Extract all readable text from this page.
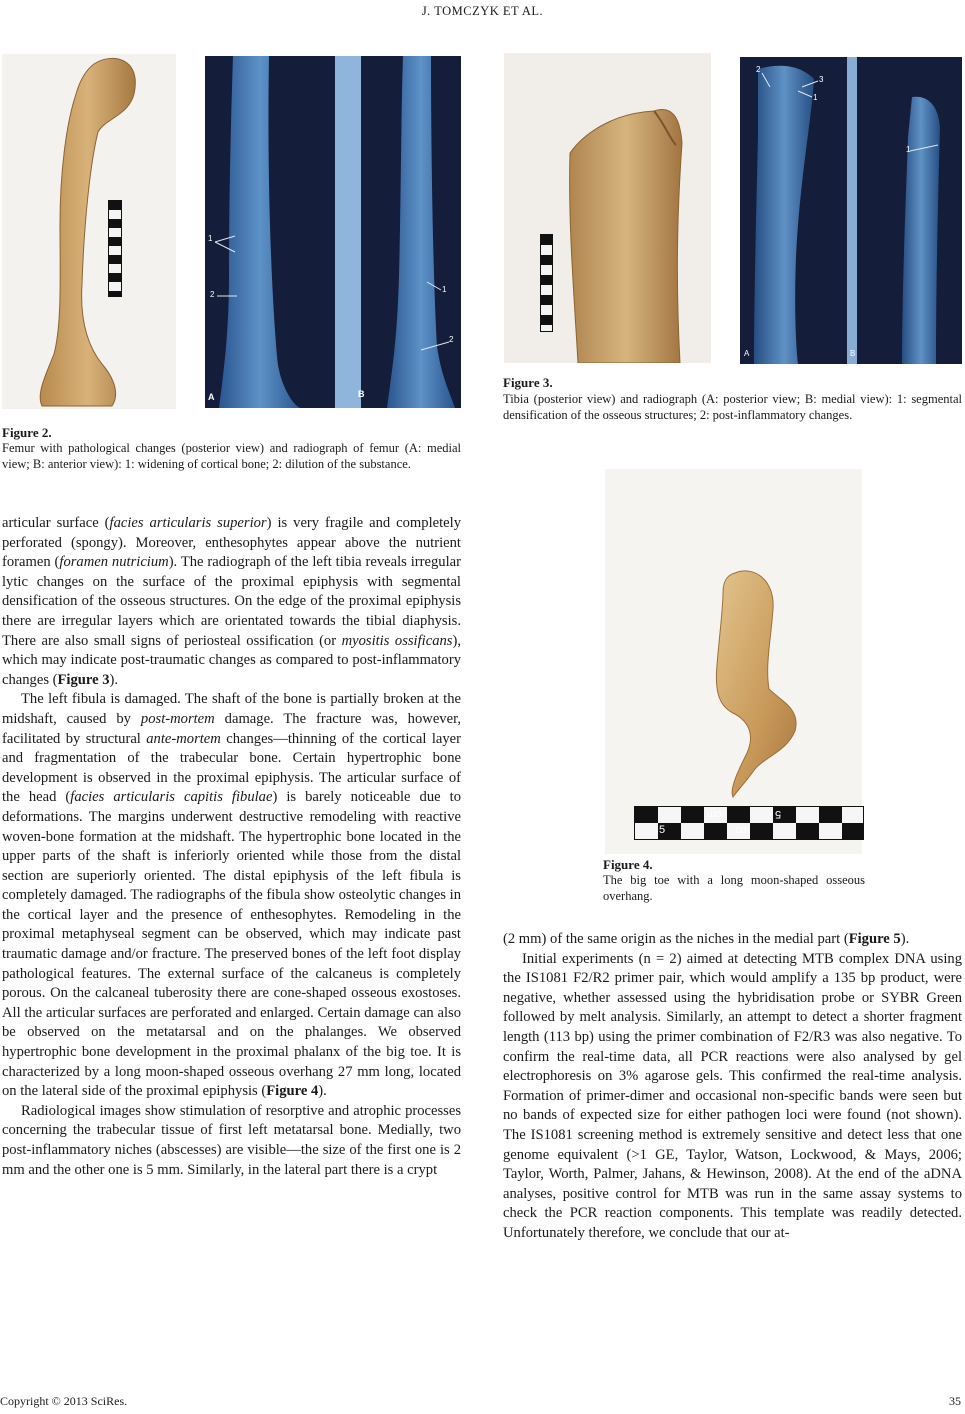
J. TOMCZYK ET AL.
1
2
1
2
A	B
Figure 2.
Femur with pathological changes (posterior view) and radiograph of femur (A: medial view; B: anterior view): 1: widening of cortical bone; 2: dilution of the substance.
2
3
1
1
A	B
Figure 3.
Tibia (posterior view) and radiograph (A: posterior view; B: medial view): 1: segmental densification of the osseous structures; 2: post-inflammatory changes.
cm	5
5	cm
Figure 4.
The big toe with a long moon-shaped osseous overhang.

articular surface (facies articularis superior) is very fragile and completely perforated (spongy). Moreover, enthesophytes appear above the nutrient foramen (foramen nutricium). The radiograph of the left tibia reveals irregular lytic changes on the surface of the proximal epiphysis with segmental densification of the osseous structures. On the edge of the proximal epiphysis there are irregular layers which are orientated towards the tibial diaphysis. There are also small signs of periosteal ossification (or myositis ossificans), which may indicate post-traumatic changes as compared to post-inflammatory changes (Figure 3).

The left fibula is damaged. The shaft of the bone is partially broken at the midshaft, caused by post-mortem damage. The fracture was, however, facilitated by structural ante-mortem changes—thinning of the cortical layer and fragmentation of the trabecular bone. Certain hypertrophic bone development is observed in the proximal epiphysis. The articular surface of the head (facies articularis capitis fibulae) is barely noticeable due to deformations. The margins underwent destructive remodeling with reactive woven-bone formation at the midshaft. The hypertrophic bone located in the upper parts of the shaft is inferiorly oriented while those from the distal section are superiorly oriented. The distal epiphysis of the left fibula is completely damaged. The radiographs of the fibula show osteolytic changes in the cortical layer and the presence of enthesophytes. Remodeling in the proximal metaphyseal segment can be observed, which may indicate past traumatic damage and/or fracture. The preserved bones of the left foot display pathological features. The external surface of the calcaneus is completely porous. On the calcaneal tuberosity there are cone-shaped osseous exostoses. All the articular surfaces are perforated and enlarged. Certain damage can also be observed on the metatarsal and on the phalanges. We observed hypertrophic bone development in the proximal phalanx of the big toe. It is characterized by a long moon-shaped osseous overhang 27 mm long, located on the lateral side of the proximal epiphysis (Figure 4).

Radiological images show stimulation of resorptive and atrophic processes concerning the trabecular tissue of first left metatarsal bone. Medially, two post-inflammatory niches (abscesses) are visible—the size of the first one is 2 mm and the other one is 5 mm. Similarly, in the lateral part there is a crypt

(2 mm) of the same origin as the niches in the medial part (Figure 5).

Initial experiments (n = 2) aimed at detecting MTB complex DNA using the IS1081 F2/R2 primer pair, which would amplify a 135 bp product, were negative, whether assessed using the hybridisation probe or SYBR Green followed by melt analysis. Similarly, an attempt to detect a shorter fragment length (113 bp) using the primer combination of F2/R3 was also negative. To confirm the real-time data, all PCR reactions were also analysed by gel electrophoresis on 3% agarose gels. This confirmed the real-time analysis. Formation of primer-dimer and occasional non-specific bands were seen but no bands of expected size for either pathogen loci were found (not shown). The IS1081 screening method is extremely sensitive and detect less that one genome equivalent (>1 GE, Taylor, Watson, Lockwood, & Mays, 2006; Taylor, Worth, Palmer, Jahans, & Hewinson, 2008). At the end of the aDNA analyses, positive control for MTB was run in the same assay systems to check the PCR reaction components. This template was readily detected. Unfortunately therefore, we conclude that our at-

Copyright © 2013 SciRes.	35
